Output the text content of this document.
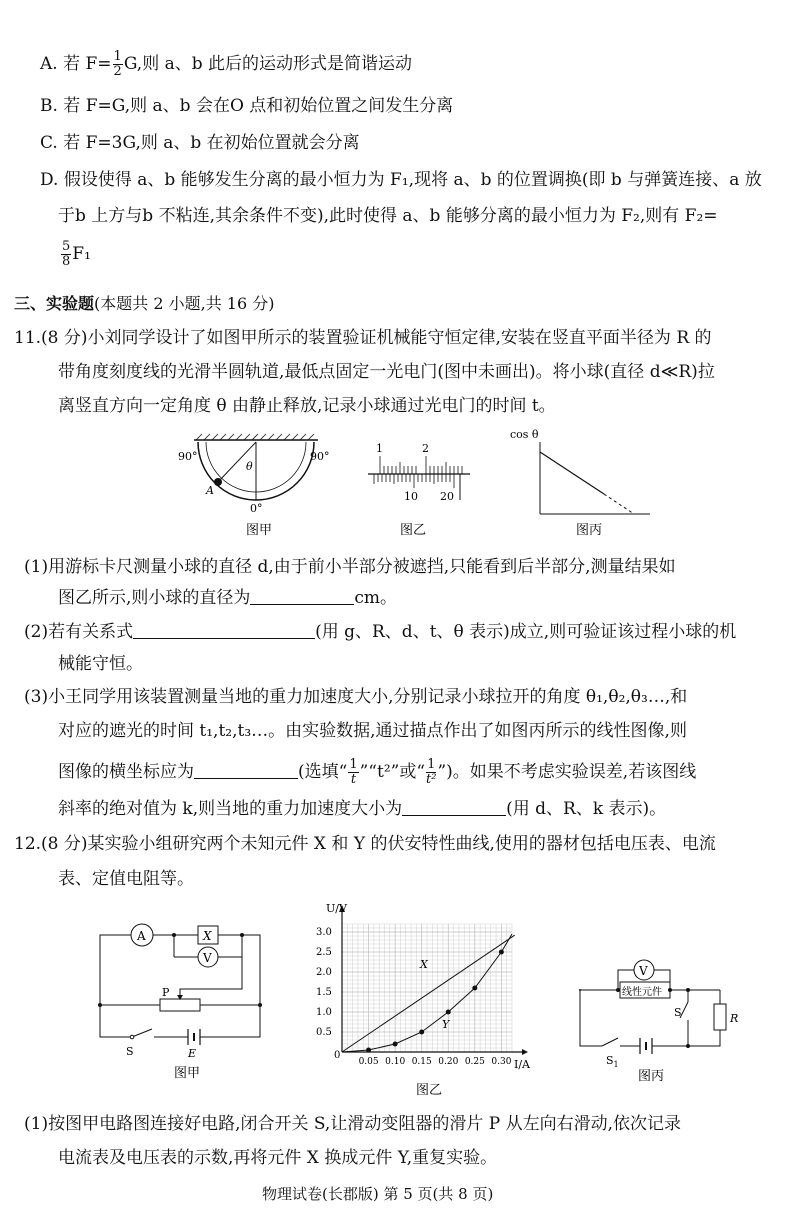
A. 若 $F= \frac{1}{2} G$,则 a、b 此后的运动形式是简谐运动
B. 若 F=G,则 a、b 会在O 点和初始位置之间发生分离
C. 若 F=3G,则 a、b 在初始位置就会分离
D. 假设使得 a、b 能够发生分离的最小恒力为 F₁,现将 a、b 的位置调换(即 b 与弹簧连接、a 放
于b 上方与b 不粘连,其余条件不变),此时使得 a、b 能够分离的最小恒力为 F₂,则有 F₂=
$\frac{5}{8} F_1$
三、实验题(本题共 2 小题,共 16 分)
11.(8 分)小刘同学设计了如图甲所示的装置验证机械能守恒定律,安装在竖直平面半径为 R 的
带角度刻度线的光滑半圆轨道,最低点固定一光电门(图中未画出)。将小球(直径 d≪R)拉
离竖直方向一定角度 θ 由静止释放,记录小球通过光电门的时间 t。
90°	90°
θ
A
0°
图甲
1	2
10 20
图乙
cos θ
图丙
(1)用游标卡尺测量小球的直径 d,由于前小半部分被遮挡,只能看到后半部分,测量结果如
图乙所示,则小球的直径为	cm。
(2)若有关系式	(用 g、R、d、t、θ 表示)成立,则可验证该过程小球的机
械能守恒。
(3)小王同学用该装置测量当地的重力加速度大小,分别记录小球拉开的角度 θ₁,θ₂,θ₃…,和
对应的遮光的时间 t₁,t₂,t₃…。由实验数据,通过描点作出了如图丙所示的线性图像,则
图像的横坐标应为	(选填“ $\frac{1}{t}$ ”“t²”或“ $\frac{1}{\text{t²}}$ ”)。如果不考虑实验误差,若该图线
斜率的绝对值为 k,则当地的重力加速度大小为	(用 d、R、k 表示)。
12.(8 分)某实验小组研究两个未知元件 X 和 Y 的伏安特性曲线,使用的器材包括电压表、电流
表、定值电阻等。
A	X
V
P
S	E
图甲
0.05 0.10 0.15 0.20 0.25 0.30
0.5
1.0
1.5
2.0
2.5
3.0
U/V
I/A
0
X
Y
图乙
V
线性元件
S	R
$S_1$
图丙
(1)按图甲电路图连接好电路,闭合开关 S,让滑动变阻器的滑片 P 从左向右滑动,依次记录
电流表及电压表的示数,再将元件 X 换成元件 Y,重复实验。
物理试卷(长郡版) 第 5 页(共 8 页)
